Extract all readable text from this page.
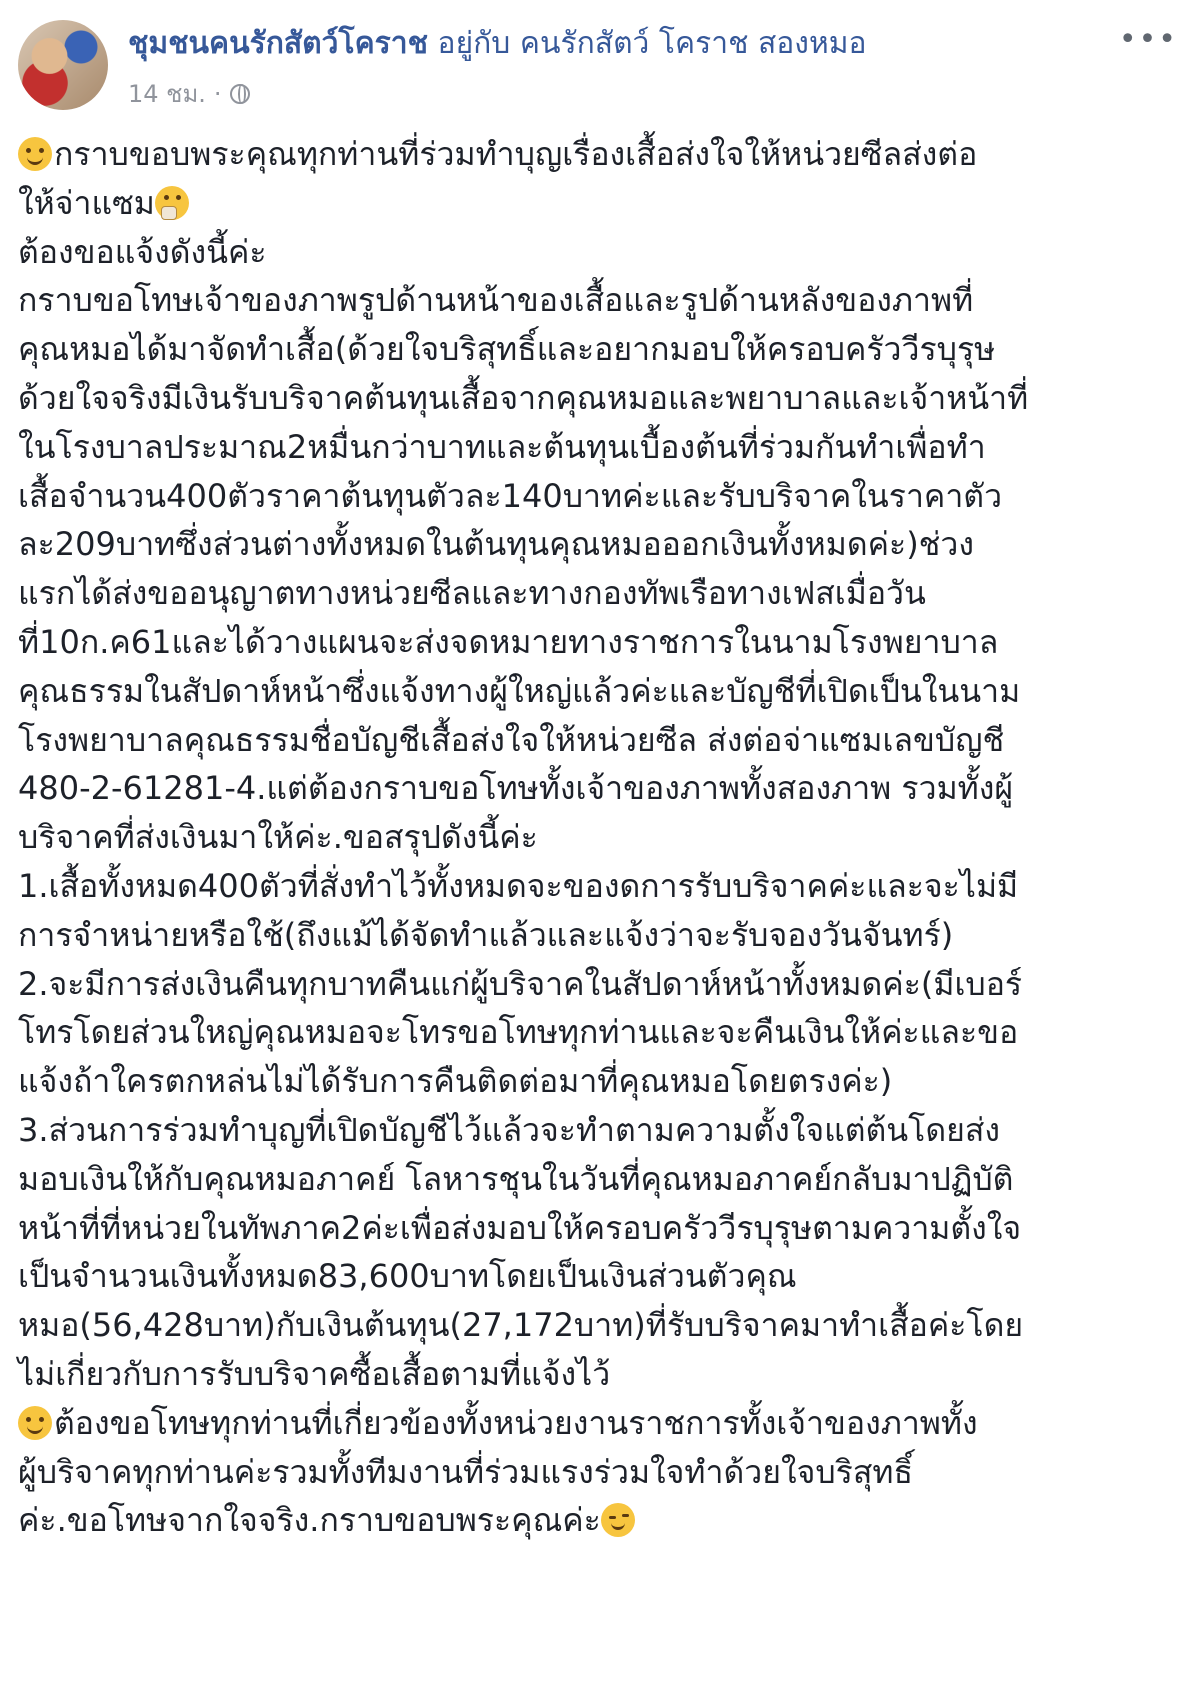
ชุมชนคนรักสัตว์โคราช อยู่กับ คนรักสัตว์ โคราช สองหมอ
14 ชม. ·
•••
กราบขอบพระคุณทุกท่านที่ร่วมทำบุญเรื่องเสื้อส่งใจให้หน่วยซีลส่งต่อ
ให้จ่าแซม
ต้องขอแจ้งดังนี้ค่ะ
กราบขอโทษเจ้าของภาพรูปด้านหน้าของเสื้อและรูปด้านหลังของภาพที่
คุณหมอได้มาจัดทำเสื้อ(ด้วยใจบริสุทธิ์และอยากมอบให้ครอบครัววีรบุรุษ
ด้วยใจจริงมีเงินรับบริจาคต้นทุนเสื้อจากคุณหมอและพยาบาลและเจ้าหน้าที่
ในโรงบาลประมาณ2หมื่นกว่าบาทและต้นทุนเบื้องต้นที่ร่วมกันทำเพื่อทำ
เสื้อจำนวน400ตัวราคาต้นทุนตัวละ140บาทค่ะและรับบริจาคในราคาตัว
ละ209บาทซึ่งส่วนต่างทั้งหมดในต้นทุนคุณหมอออกเงินทั้งหมดค่ะ)ช่วง
แรกได้ส่งขออนุญาตทางหน่วยซีลและทางกองทัพเรือทางเฟสเมื่อวัน
ที่10ก.ค61และได้วางแผนจะส่งจดหมายทางราชการในนามโรงพยาบาล
คุณธรรมในสัปดาห์หน้าซึ่งแจ้งทางผู้ใหญ่แล้วค่ะและบัญชีที่เปิดเป็นในนาม
โรงพยาบาลคุณธรรมชื่อบัญชีเสื้อส่งใจให้หน่วยซีล ส่งต่อจ่าแซมเลขบัญชี
480-2-61281-4.แต่ต้องกราบขอโทษทั้งเจ้าของภาพทั้งสองภาพ รวมทั้งผู้
บริจาคที่ส่งเงินมาให้ค่ะ.ขอสรุปดังนี้ค่ะ
1.เสื้อทั้งหมด400ตัวที่สั่งทำไว้ทั้งหมดจะของดการรับบริจาคค่ะและจะไม่มี
การจำหน่ายหรือใช้(ถึงแม้ได้จัดทำแล้วและแจ้งว่าจะรับจองวันจันทร์)
2.จะมีการส่งเงินคืนทุกบาทคืนแก่ผู้บริจาคในสัปดาห์หน้าทั้งหมดค่ะ(มีเบอร์
โทรโดยส่วนใหญ่คุณหมอจะโทรขอโทษทุกท่านและจะคืนเงินให้ค่ะและขอ
แจ้งถ้าใครตกหล่นไม่ได้รับการคืนติดต่อมาที่คุณหมอโดยตรงค่ะ)
3.ส่วนการร่วมทำบุญที่เปิดบัญชีไว้แล้วจะทำตามความตั้งใจแต่ต้นโดยส่ง
มอบเงินให้กับคุณหมอภาคย์ โลหารชุนในวันที่คุณหมอภาคย์กลับมาปฏิบัติ
หน้าที่ที่หน่วยในทัพภาค2ค่ะเพื่อส่งมอบให้ครอบครัววีรบุรุษตามความตั้งใจ
เป็นจำนวนเงินทั้งหมด83,600บาทโดยเป็นเงินส่วนตัวคุณ
หมอ(56,428บาท)กับเงินต้นทุน(27,172บาท)ที่รับบริจาคมาทำเสื้อค่ะโดย
ไม่เกี่ยวกับการรับบริจาคซื้อเสื้อตามที่แจ้งไว้
ต้องขอโทษทุกท่านที่เกี่ยวข้องทั้งหน่วยงานราชการทั้งเจ้าของภาพทั้ง
ผู้บริจาคทุกท่านค่ะรวมทั้งทีมงานที่ร่วมแรงร่วมใจทำด้วยใจบริสุทธิ์
ค่ะ.ขอโทษจากใจจริง.กราบขอบพระคุณค่ะ
